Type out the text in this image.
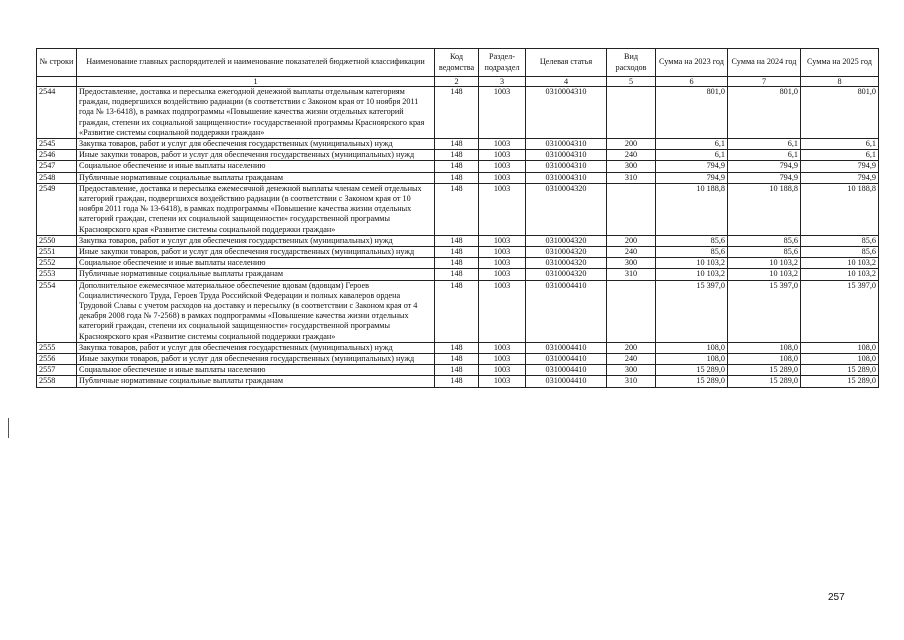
№ строки	Наименование главных распорядителей и наименование показателей бюджетной классификации	Код ведомства	Раздел-подраздел	Целевая статья	Вид расходов	Сумма на 2023 год	Сумма на 2024 год	Сумма на 2025 год
	1	2	3	4	5	6	7	8
2544	Предоставление, доставка и пересылка ежегодной денежной выплаты отдельным категориям граждан, подвергшихся воздействию радиации (в соответствии с Законом края от 10 ноября 2011 года № 13-6418), в рамках подпрограммы «Повышение качества жизни отдельных категорий граждан, степени их социальной защищенности» государственной программы Красноярского края «Развитие системы социальной поддержки граждан»	148	1003	0310004310		801,0	801,0	801,0
2545	Закупка товаров, работ и услуг для обеспечения государственных (муниципальных) нужд	148	1003	0310004310	200	6,1	6,1	6,1
2546	Иные закупки товаров, работ и услуг для обеспечения государственных (муниципальных) нужд	148	1003	0310004310	240	6,1	6,1	6,1
2547	Социальное обеспечение и иные выплаты населению	148	1003	0310004310	300	794,9	794,9	794,9
2548	Публичные нормативные социальные выплаты гражданам	148	1003	0310004310	310	794,9	794,9	794,9
2549	Предоставление, доставка и пересылка ежемесячной денежной выплаты членам семей отдельных категорий граждан, подвергшихся воздействию радиации (в соответствии с Законом края от 10 ноября 2011 года № 13-6418), в рамках подпрограммы «Повышение качества жизни отдельных категорий граждан, степени их социальной защищенности» государственной программы Красноярского края «Развитие системы социальной поддержки граждан»	148	1003	0310004320		10 188,8	10 188,8	10 188,8
2550	Закупка товаров, работ и услуг для обеспечения государственных (муниципальных) нужд	148	1003	0310004320	200	85,6	85,6	85,6
2551	Иные закупки товаров, работ и услуг для обеспечения государственных (муниципальных) нужд	148	1003	0310004320	240	85,6	85,6	85,6
2552	Социальное обеспечение и иные выплаты населению	148	1003	0310004320	300	10 103,2	10 103,2	10 103,2
2553	Публичные нормативные социальные выплаты гражданам	148	1003	0310004320	310	10 103,2	10 103,2	10 103,2
2554	Дополнительное ежемесячное материальное обеспечение вдовам (вдовцам) Героев Социалистического Труда, Героев Труда Российской Федерации и полных кавалеров ордена Трудовой Славы с учетом расходов на доставку и пересылку (в соответствии с Законом края от 4 декабря 2008 года № 7-2568) в рамках подпрограммы «Повышение качества жизни отдельных категорий граждан, степени их социальной защищенности» государственной программы Красноярского края «Развитие системы социальной поддержки граждан»	148	1003	0310004410		15 397,0	15 397,0	15 397,0
2555	Закупка товаров, работ и услуг для обеспечения государственных (муниципальных) нужд	148	1003	0310004410	200	108,0	108,0	108,0
2556	Иные закупки товаров, работ и услуг для обеспечения государственных (муниципальных) нужд	148	1003	0310004410	240	108,0	108,0	108,0
2557	Социальное обеспечение и иные выплаты населению	148	1003	0310004410	300	15 289,0	15 289,0	15 289,0
2558	Публичные нормативные социальные выплаты гражданам	148	1003	0310004410	310	15 289,0	15 289,0	15 289,0
257
